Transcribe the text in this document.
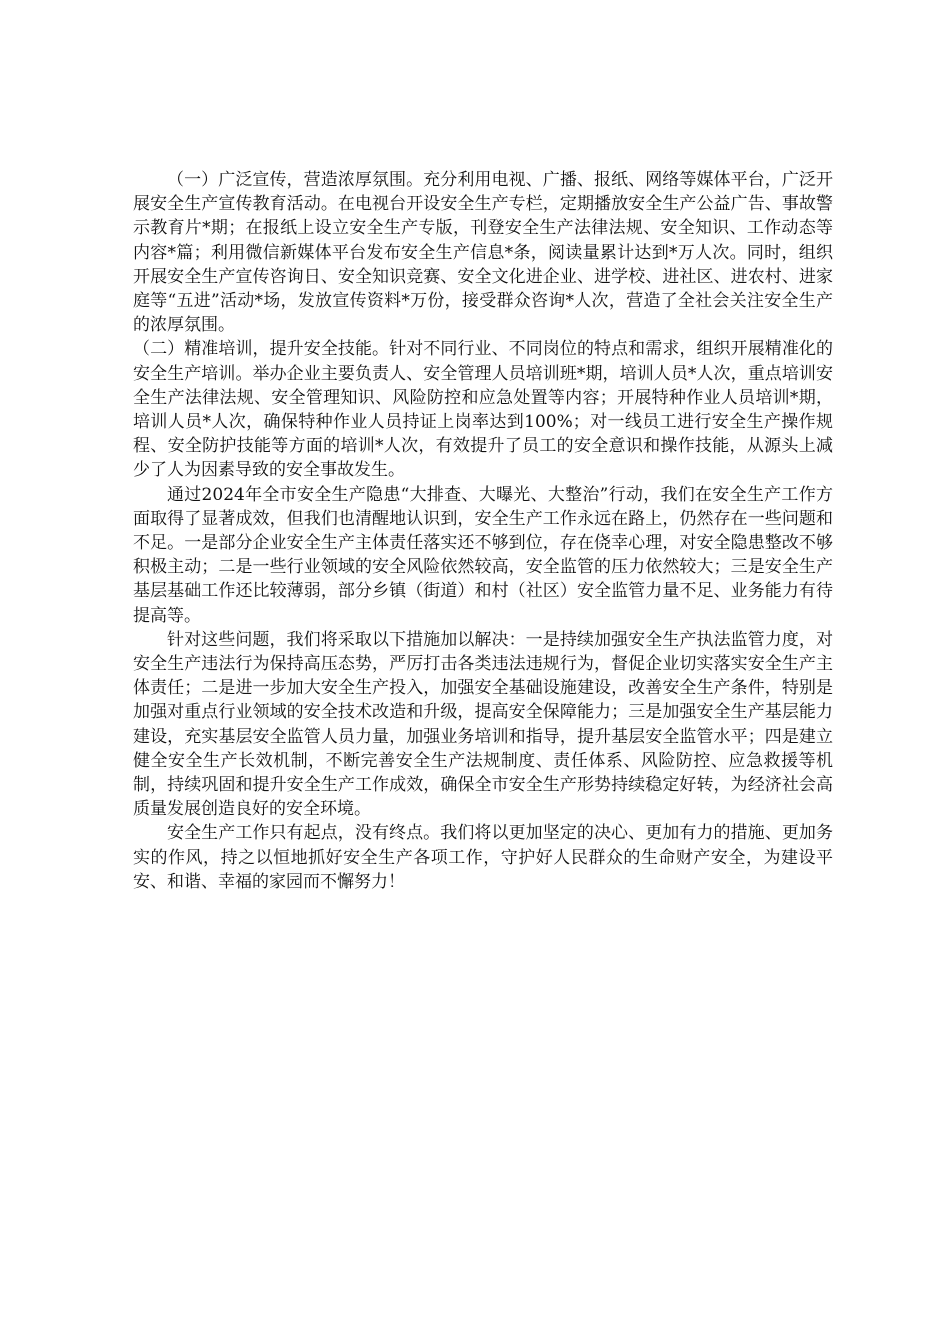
（一）广泛宣传，营造浓厚氛围。充分利用电视、广播、报纸、网络等媒体平台，广泛开展安全生产宣传教育活动。在电视台开设安全生产专栏，定期播放安全生产公益广告、事故警示教育片*期；在报纸上设立安全生产专版，刊登安全生产法律法规、安全知识、工作动态等内容*篇；利用微信新媒体平台发布安全生产信息*条，阅读量累计达到*万人次。同时，组织开展安全生产宣传咨询日、安全知识竞赛、安全文化进企业、进学校、进社区、进农村、进家庭等“五进”活动*场，发放宣传资料*万份，接受群众咨询*人次，营造了全社会关注安全生产的浓厚氛围。

（二）精准培训，提升安全技能。针对不同行业、不同岗位的特点和需求，组织开展精准化的安全生产培训。举办企业主要负责人、安全管理人员培训班*期，培训人员*人次，重点培训安全生产法律法规、安全管理知识、风险防控和应急处置等内容；开展特种作业人员培训*期，培训人员*人次，确保特种作业人员持证上岗率达到100%；对一线员工进行安全生产操作规程、安全防护技能等方面的培训*人次，有效提升了员工的安全意识和操作技能，从源头上减少了人为因素导致的安全事故发生。

通过2024年全市安全生产隐患“大排查、大曝光、大整治”行动，我们在安全生产工作方面取得了显著成效，但我们也清醒地认识到，安全生产工作永远在路上，仍然存在一些问题和不足。一是部分企业安全生产主体责任落实还不够到位，存在侥幸心理，对安全隐患整改不够积极主动；二是一些行业领域的安全风险依然较高，安全监管的压力依然较大；三是安全生产基层基础工作还比较薄弱，部分乡镇（街道）和村（社区）安全监管力量不足、业务能力有待提高等。

针对这些问题，我们将采取以下措施加以解决：一是持续加强安全生产执法监管力度，对安全生产违法行为保持高压态势，严厉打击各类违法违规行为，督促企业切实落实安全生产主体责任；二是进一步加大安全生产投入，加强安全基础设施建设，改善安全生产条件，特别是加强对重点行业领域的安全技术改造和升级，提高安全保障能力；三是加强安全生产基层能力建设，充实基层安全监管人员力量，加强业务培训和指导，提升基层安全监管水平；四是建立健全安全生产长效机制，不断完善安全生产法规制度、责任体系、风险防控、应急救援等机制，持续巩固和提升安全生产工作成效，确保全市安全生产形势持续稳定好转，为经济社会高质量发展创造良好的安全环境。

安全生产工作只有起点，没有终点。我们将以更加坚定的决心、更加有力的措施、更加务实的作风，持之以恒地抓好安全生产各项工作，守护好人民群众的生命财产安全，为建设平安、和谐、幸福的家园而不懈努力！
